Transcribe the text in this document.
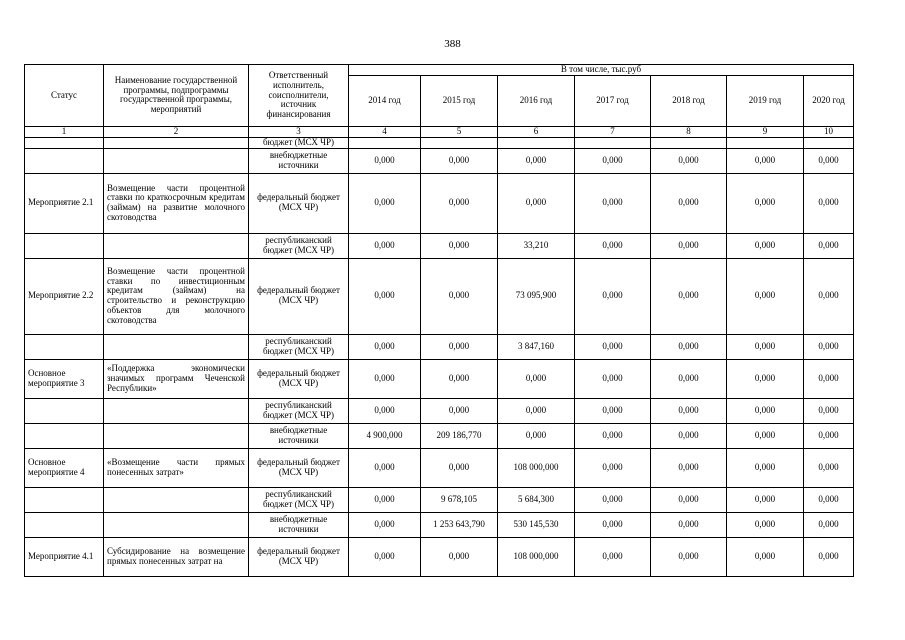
388
Статус	Наименование государственной программы, подпрограммы государственной программы, мероприятий	Ответственный исполнитель, соисполнители, источник финансирования	В том числе, тыс.руб						
			2014 год	2015 год	2016 год	2017 год	2018 год	2019 год	2020 год
1	2	3	4	5	6	7	8	9	10
		бюджет (МСХ ЧР)							
		внебюджетные источники	0,000	0,000	0,000	0,000	0,000	0,000	0,000
Мероприятие 2.1	Возмещение части процентной ставки по краткосрочным кредитам (займам) на развитие молочного скотоводства	федеральный бюджет (МСХ ЧР)	0,000	0,000	0,000	0,000	0,000	0,000	0,000
		республиканский бюджет (МСХ ЧР)	0,000	0,000	33,210	0,000	0,000	0,000	0,000
Мероприятие 2.2	Возмещение части процентной ставки по инвестиционным кредитам (займам) на строительство и реконструкцию объектов для молочного скотоводства	федеральный бюджет (МСХ ЧР)	0,000	0,000	73 095,900	0,000	0,000	0,000	0,000
		республиканский бюджет (МСХ ЧР)	0,000	0,000	3 847,160	0,000	0,000	0,000	0,000
Основное мероприятие 3	«Поддержка экономически значимых программ Чеченской Республики»	федеральный бюджет (МСХ ЧР)	0,000	0,000	0,000	0,000	0,000	0,000	0,000
		республиканский бюджет (МСХ ЧР)	0,000	0,000	0,000	0,000	0,000	0,000	0,000
		внебюджетные источники	4 900,000	209 186,770	0,000	0,000	0,000	0,000	0,000
Основное мероприятие 4	«Возмещение части прямых понесенных затрат»	федеральный бюджет (МСХ ЧР)	0,000	0,000	108 000,000	0,000	0,000	0,000	0,000
		республиканский бюджет (МСХ ЧР)	0,000	9 678,105	5 684,300	0,000	0,000	0,000	0,000
		внебюджетные источники	0,000	1 253 643,790	530 145,530	0,000	0,000	0,000	0,000
Мероприятие 4.1	Субсидирование на возмещение прямых понесенных затрат на	федеральный бюджет (МСХ ЧР)	0,000	0,000	108 000,000	0,000	0,000	0,000	0,000
